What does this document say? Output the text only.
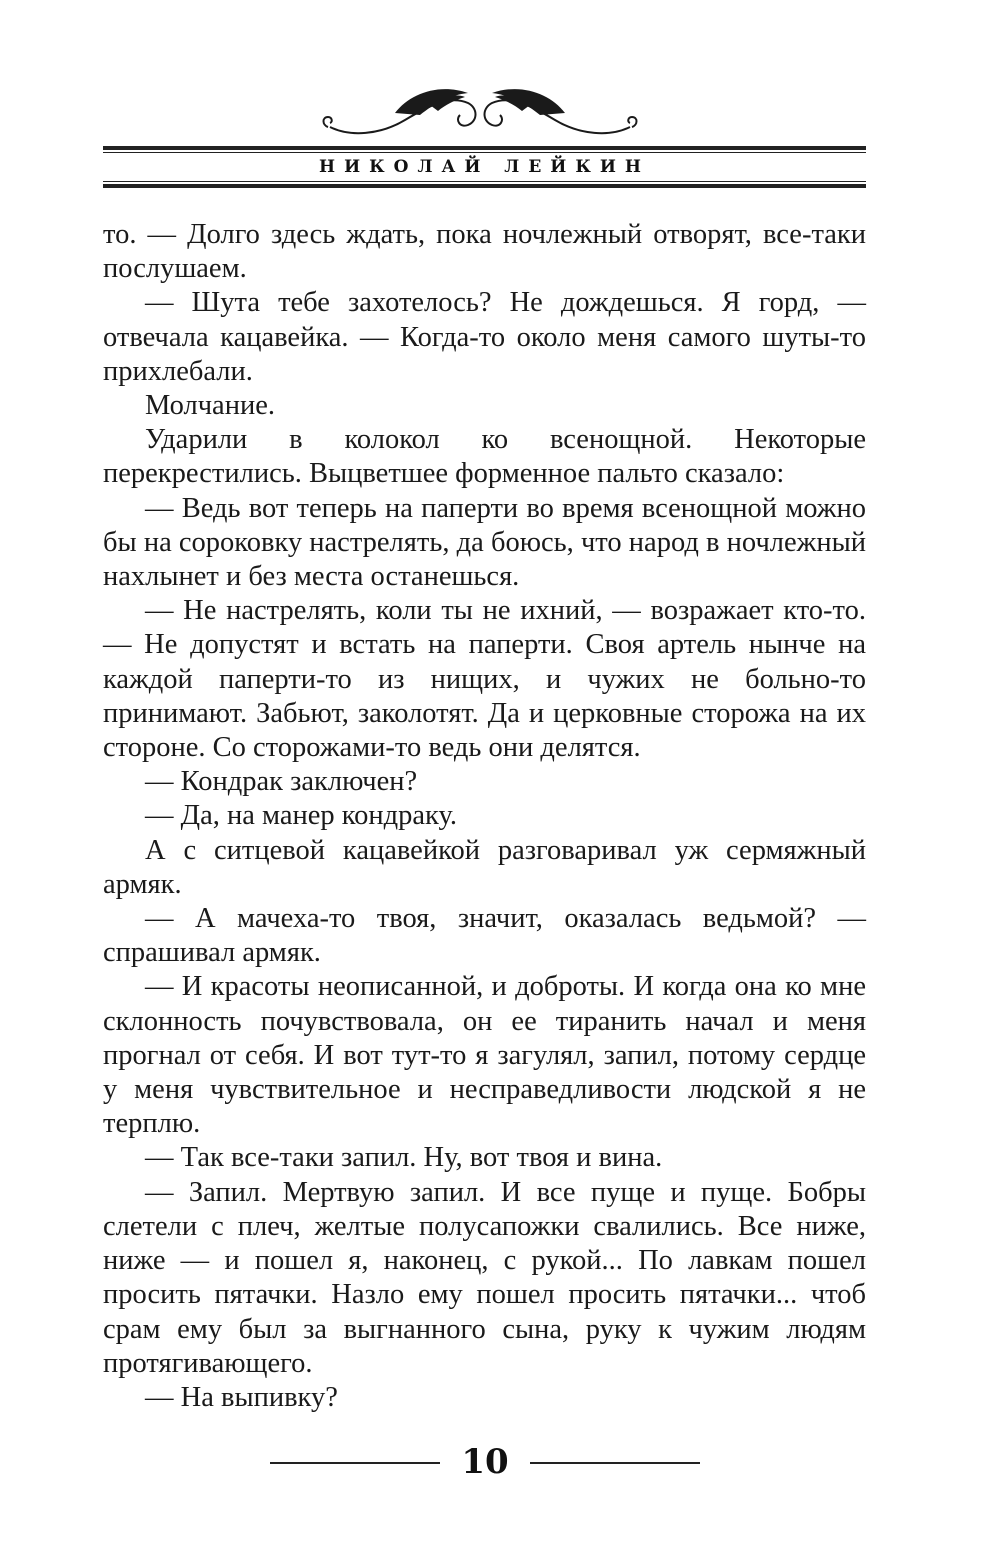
НИКОЛАЙ ЛЕЙКИН

то. — Долго здесь ждать, пока ночлежный отворят, все-таки послушаем.

— Шута тебе захотелось? Не дождешься. Я горд, — отвечала кацавейка. — Когда-то около меня самого шуты-то прихлебали.

Молчание.

Ударили в колокол ко всенощной. Некоторые перекрестились. Выцветшее форменное пальто сказало:

— Ведь вот теперь на паперти во время всенощной можно бы на сороковку настрелять, да боюсь, что народ в ночлежный нахлынет и без места останешься.

— Не настрелять, коли ты не ихний, — возражает кто-то. — Не допустят и встать на паперти. Своя артель нынче на каждой паперти-то из нищих, и чужих не больно-то принимают. Забьют, заколотят. Да и церковные сторожа на их стороне. Со сторожами-то ведь они делятся.

— Кондрак заключен?

— Да, на манер кондраку.

А с ситцевой кацавейкой разговаривал уж сермяжный армяк.

— А мачеха-то твоя, значит, оказалась ведьмой? — спрашивал армяк.

— И красоты неописанной, и доброты. И когда она ко мне склонность почувствовала, он ее тиранить начал и меня прогнал от себя. И вот тут-то я загулял, запил, потому сердце у меня чувствительное и несправедливости людской я не терплю.

— Так все-таки запил. Ну, вот твоя и вина.

— Запил. Мертвую запил. И все пуще и пуще. Бобры слетели с плеч, желтые полусапожки свалились. Все ниже, ниже — и пошел я, наконец, с рукой... По лавкам пошел просить пятачки. Назло ему пошел просить пятачки... чтоб срам ему был за выгнанного сына, руку к чужим людям протягивающего.

— На выпивку?

10
